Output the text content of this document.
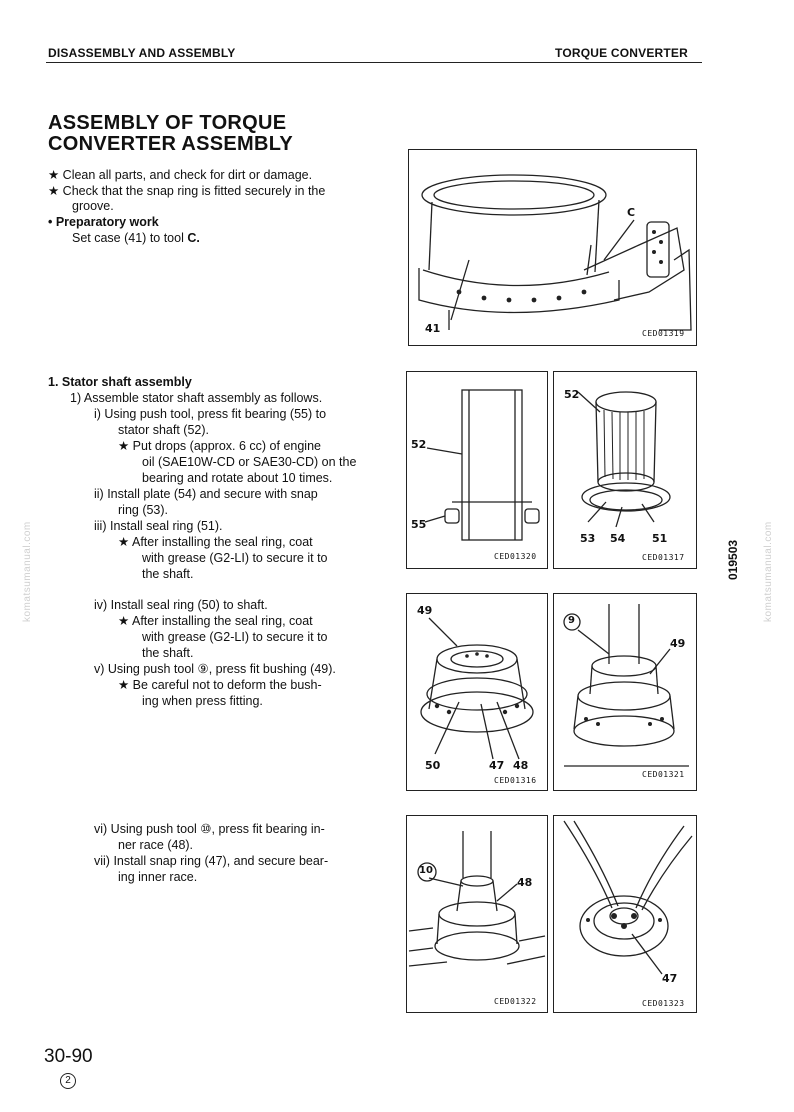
DISASSEMBLY AND ASSEMBLY	TORQUE CONVERTER
ASSEMBLY OF TORQUE
CONVERTER ASSEMBLY
★ Clean all parts, and check for dirt or damage.
★ Check that the snap ring is fitted securely in the
groove.
• Preparatory work
Set case (41) to tool C.
1. Stator shaft assembly
1) Assemble stator shaft assembly as follows.
i) Using push tool, press fit bearing (55) to
stator shaft (52).
★ Put drops (approx. 6 cc) of engine
oil (SAE10W-CD or SAE30-CD) on the
bearing and rotate about 10 times.
ii) Install plate (54) and secure with snap
ring (53).
iii) Install seal ring (51).
★ After installing the seal ring, coat
with grease (G2-LI) to secure it to
the shaft.
iv) Install seal ring (50) to shaft.
★ After installing the seal ring, coat
with grease (G2-LI) to secure it to
the shaft.
v) Using push tool ⑨, press fit bushing (49).
★ Be careful not to deform the bush-
ing when press fitting.
vi) Using push tool ⑩, press fit bearing in-
ner race (48).
vii) Install snap ring (47), and secure bear-
ing inner race.
41
C
CED01319
52
55
CED01320
52
53 54 51
CED01317
49
50	47 48
CED01316
9
49
CED01321
10
48
CED01322
47
CED01323
019503
komatsumanual.com	komatsumanual.com
30-90
2
